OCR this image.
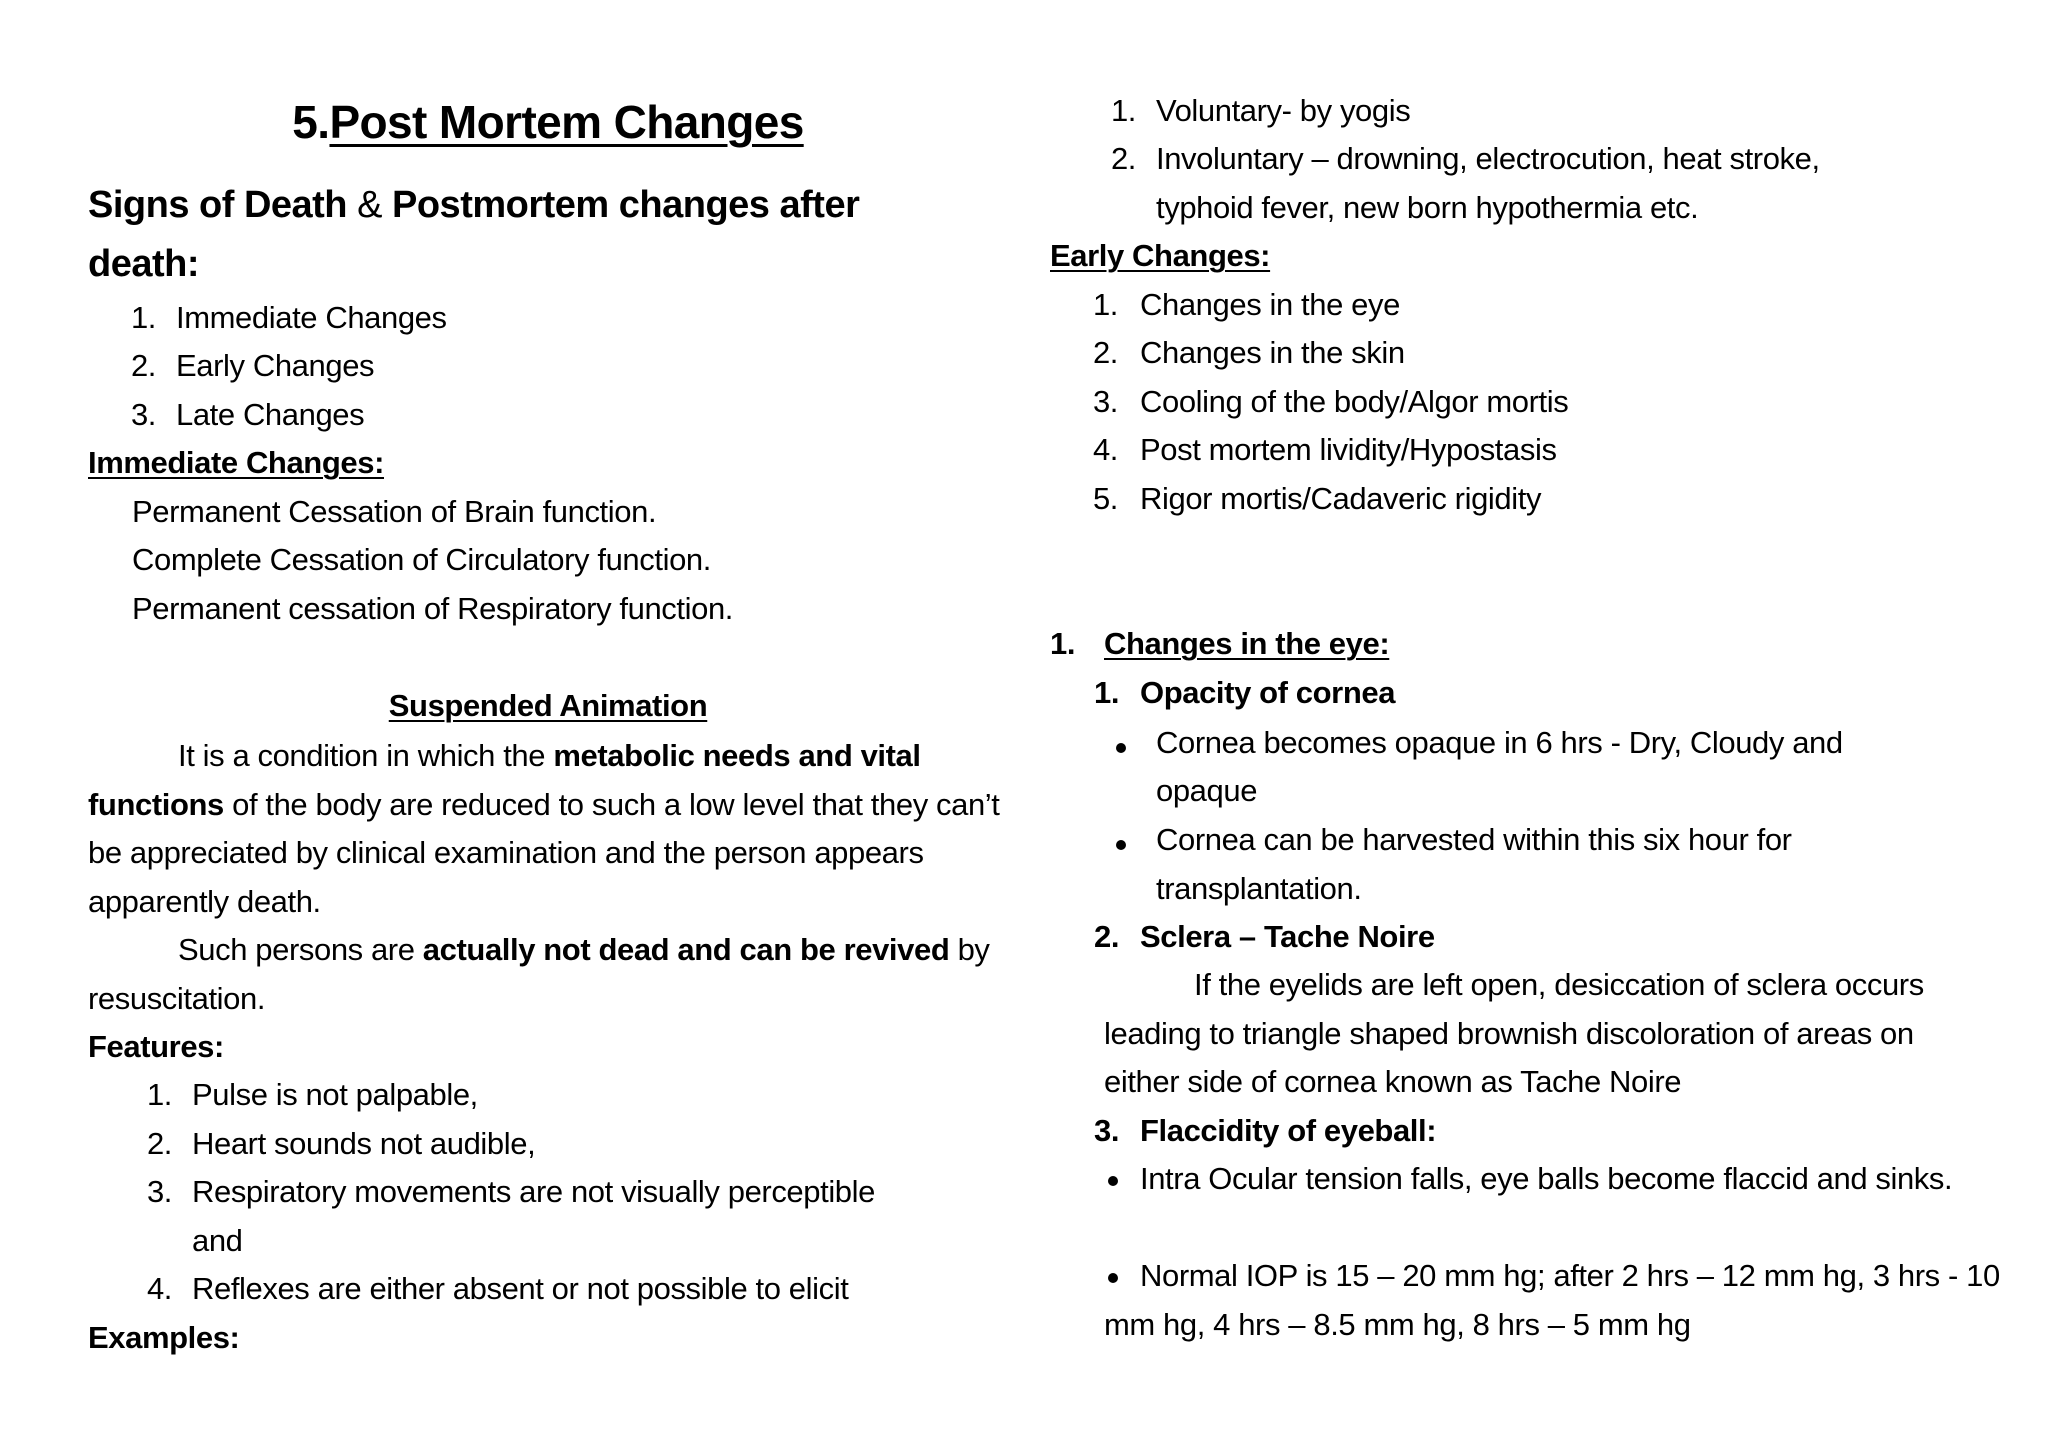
5.Post Mortem Changes
Signs of Death & Postmortem changes after
death:
1. Immediate Changes
2. Early Changes
3. Late Changes
Immediate Changes:
Permanent Cessation of Brain function.
Complete Cessation of Circulatory function.
Permanent cessation of Respiratory function.
Suspended Animation

It is a condition in which the metabolic needs and vital functions of the body are reduced to such a low level that they can’t be appreciated by clinical examination and the person appears apparently death.

Such persons are actually not dead and can be revived by resuscitation.

Features:
1. Pulse is not palpable,
2. Heart sounds not audible,
3. Respiratory movements are not visually perceptible
and
4. Reflexes are either absent or not possible to elicit
Examples:
1. Voluntary- by yogis
2. Involuntary – drowning, electrocution, heat stroke,
typhoid fever, new born hypothermia etc.
Early Changes:
1. Changes in the eye
2. Changes in the skin
3. Cooling of the body/Algor mortis
4. Post mortem lividity/Hypostasis
5. Rigor mortis/Cadaveric rigidity
1. Changes in the eye:
1. Opacity of cornea
Cornea becomes opaque in 6 hrs - Dry, Cloudy and
opaque
Cornea can be harvested within this six hour for
transplantation.
2. Sclera – Tache Noire

If the eyelids are left open, desiccation of sclera occurs leading to triangle shaped brownish discoloration of areas on either side of cornea known as Tache Noire

3. Flaccidity of eyeball:

Intra Ocular tension falls, eye balls become flaccid and sinks.

Normal IOP is 15 – 20 mm hg; after 2 hrs – 12 mm hg, 3 hrs - 10 mm hg, 4 hrs – 8.5 mm hg, 8 hrs – 5 mm hg
